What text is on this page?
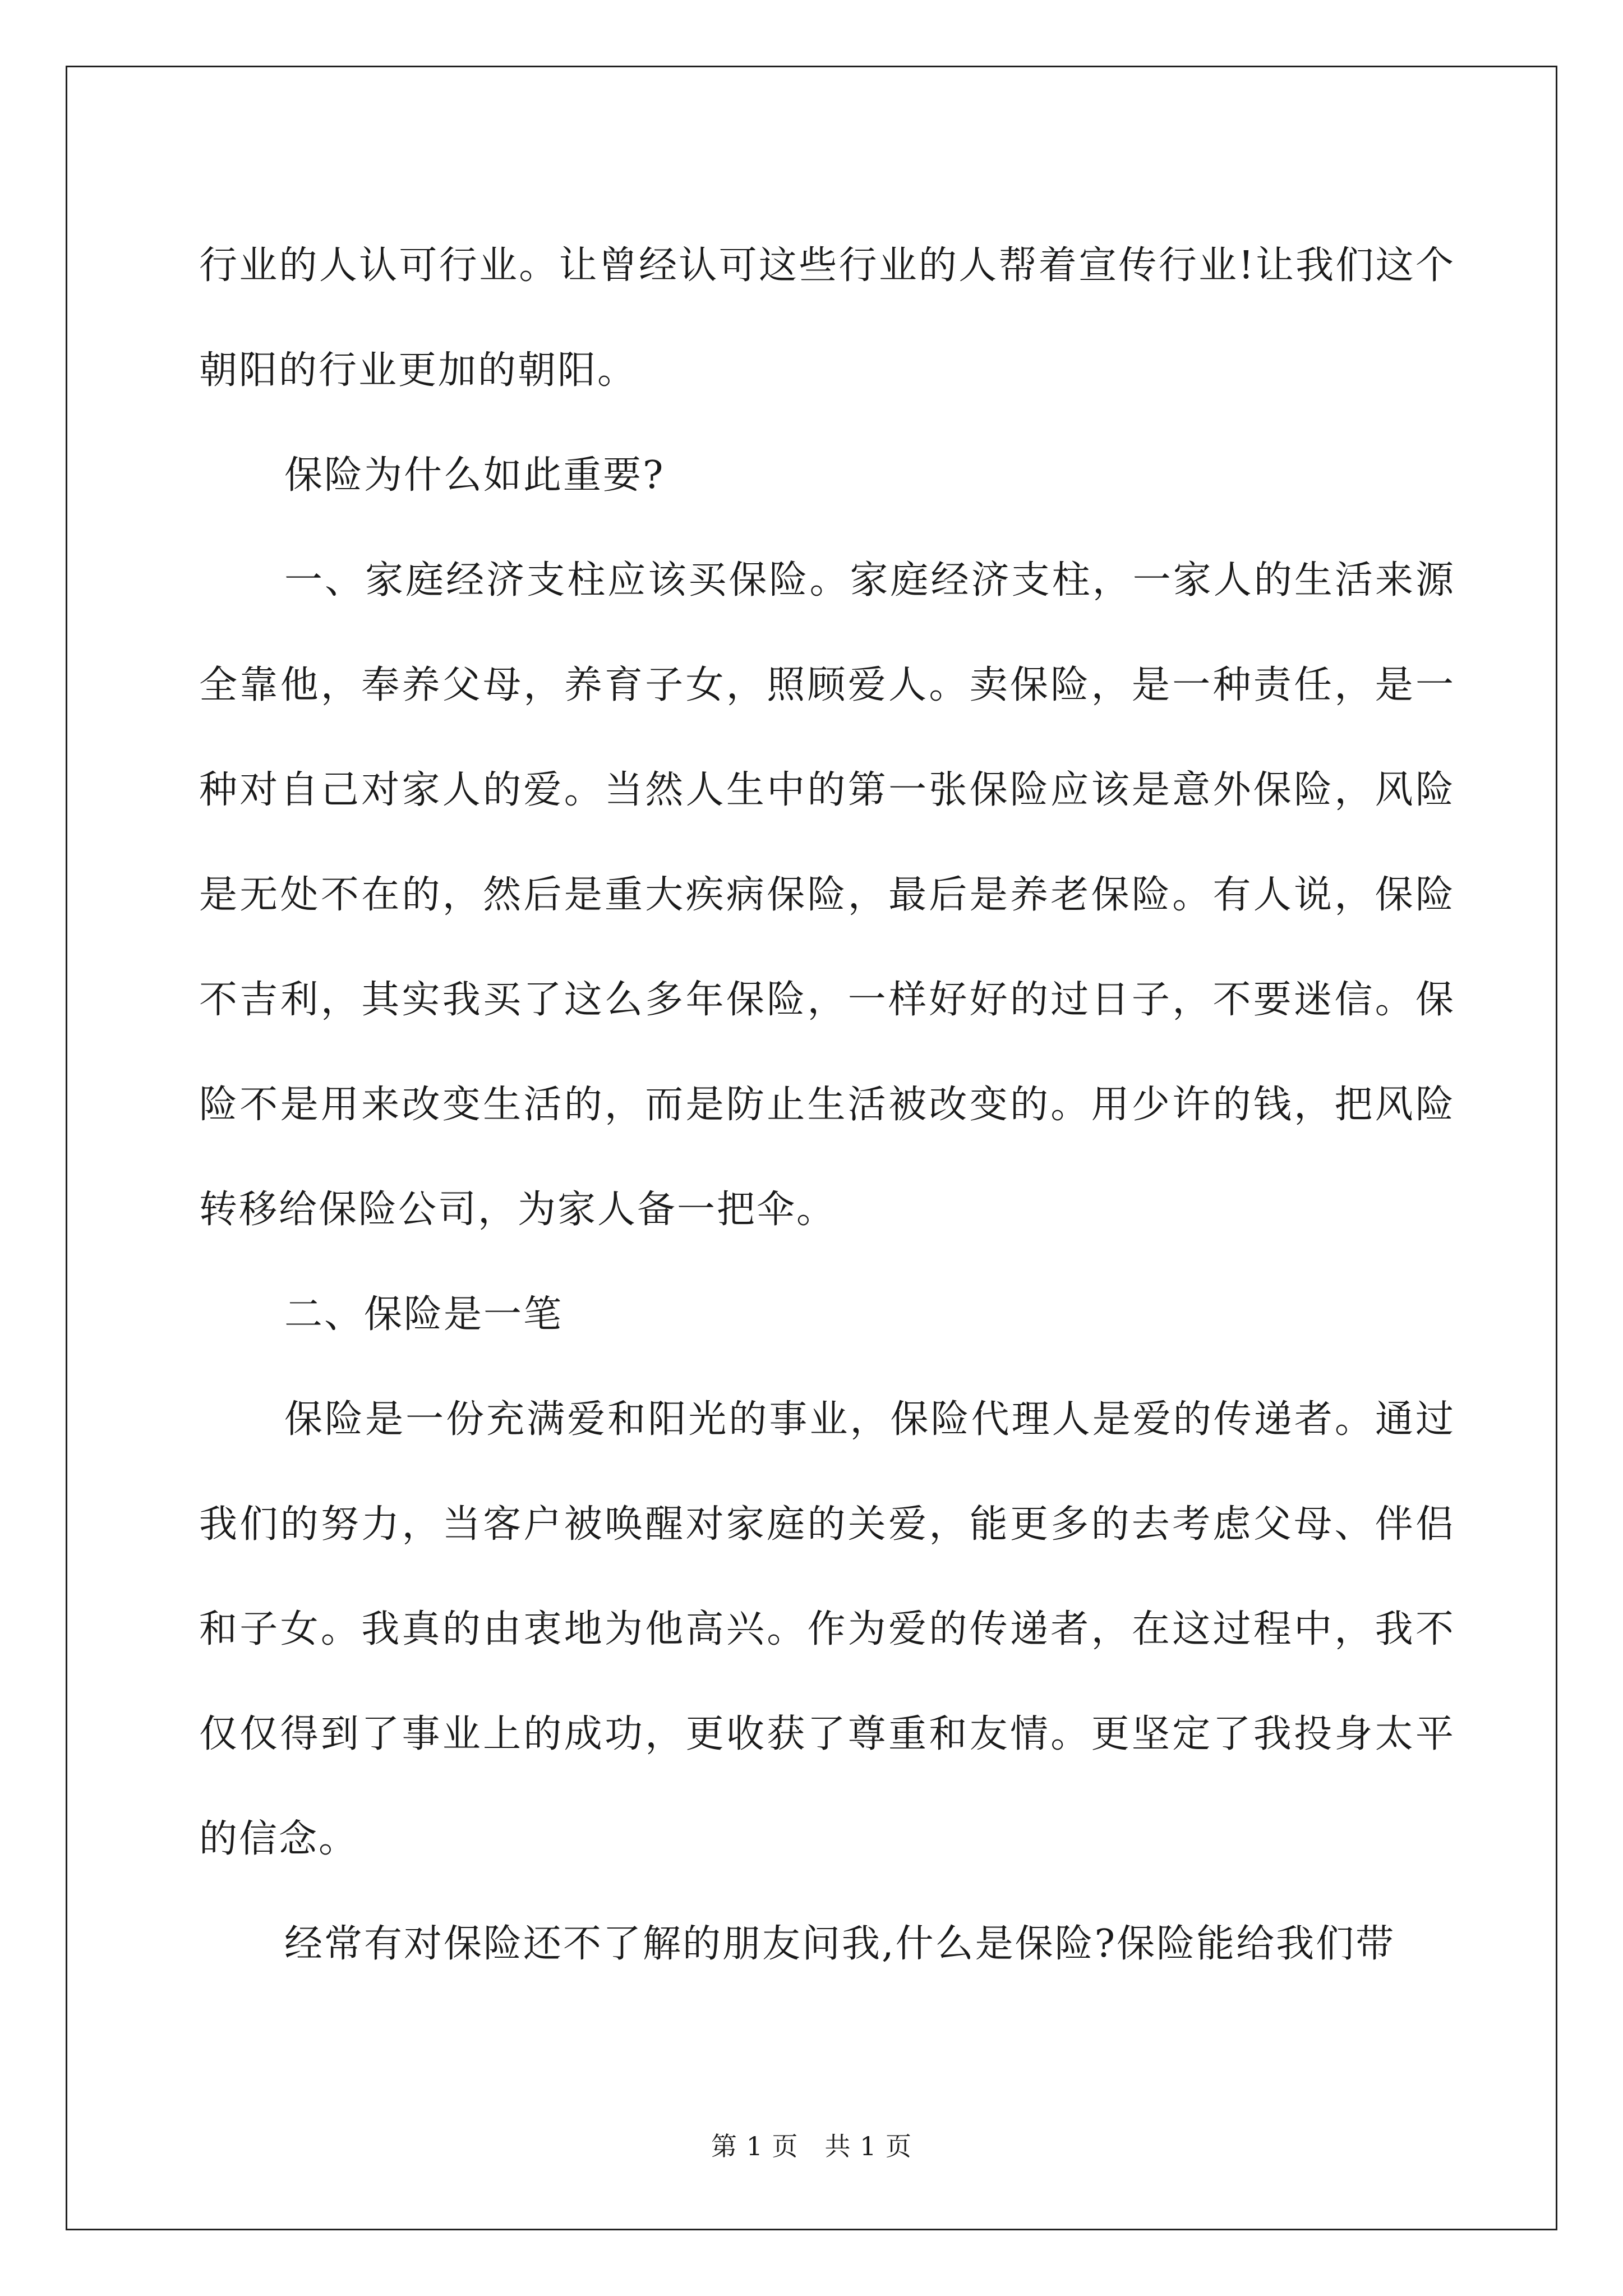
行业的人认可行业。让曾经认可这些行业的人帮着宣传行业!让我们这个朝阳的行业更加的朝阳。

保险为什么如此重要?

一、家庭经济支柱应该买保险。家庭经济支柱，一家人的生活来源全靠他，奉养父母，养育子女，照顾爱人。卖保险，是一种责任，是一种对自己对家人的爱。当然人生中的第一张保险应该是意外保险，风险是无处不在的，然后是重大疾病保险，最后是养老保险。有人说，保险不吉利，其实我买了这么多年保险，一样好好的过日子，不要迷信。保险不是用来改变生活的，而是防止生活被改变的。用少许的钱，把风险转移给保险公司，为家人备一把伞。

二、保险是一笔

保险是一份充满爱和阳光的事业，保险代理人是爱的传递者。通过我们的努力，当客户被唤醒对家庭的关爱，能更多的去考虑父母、伴侣和子女。我真的由衷地为他高兴。作为爱的传递者，在这过程中，我不仅仅得到了事业上的成功，更收获了尊重和友情。更坚定了我投身太平的信念。

经常有对保险还不了解的朋友问我,什么是保险?保险能给我们带

第 1 页　共 1 页
